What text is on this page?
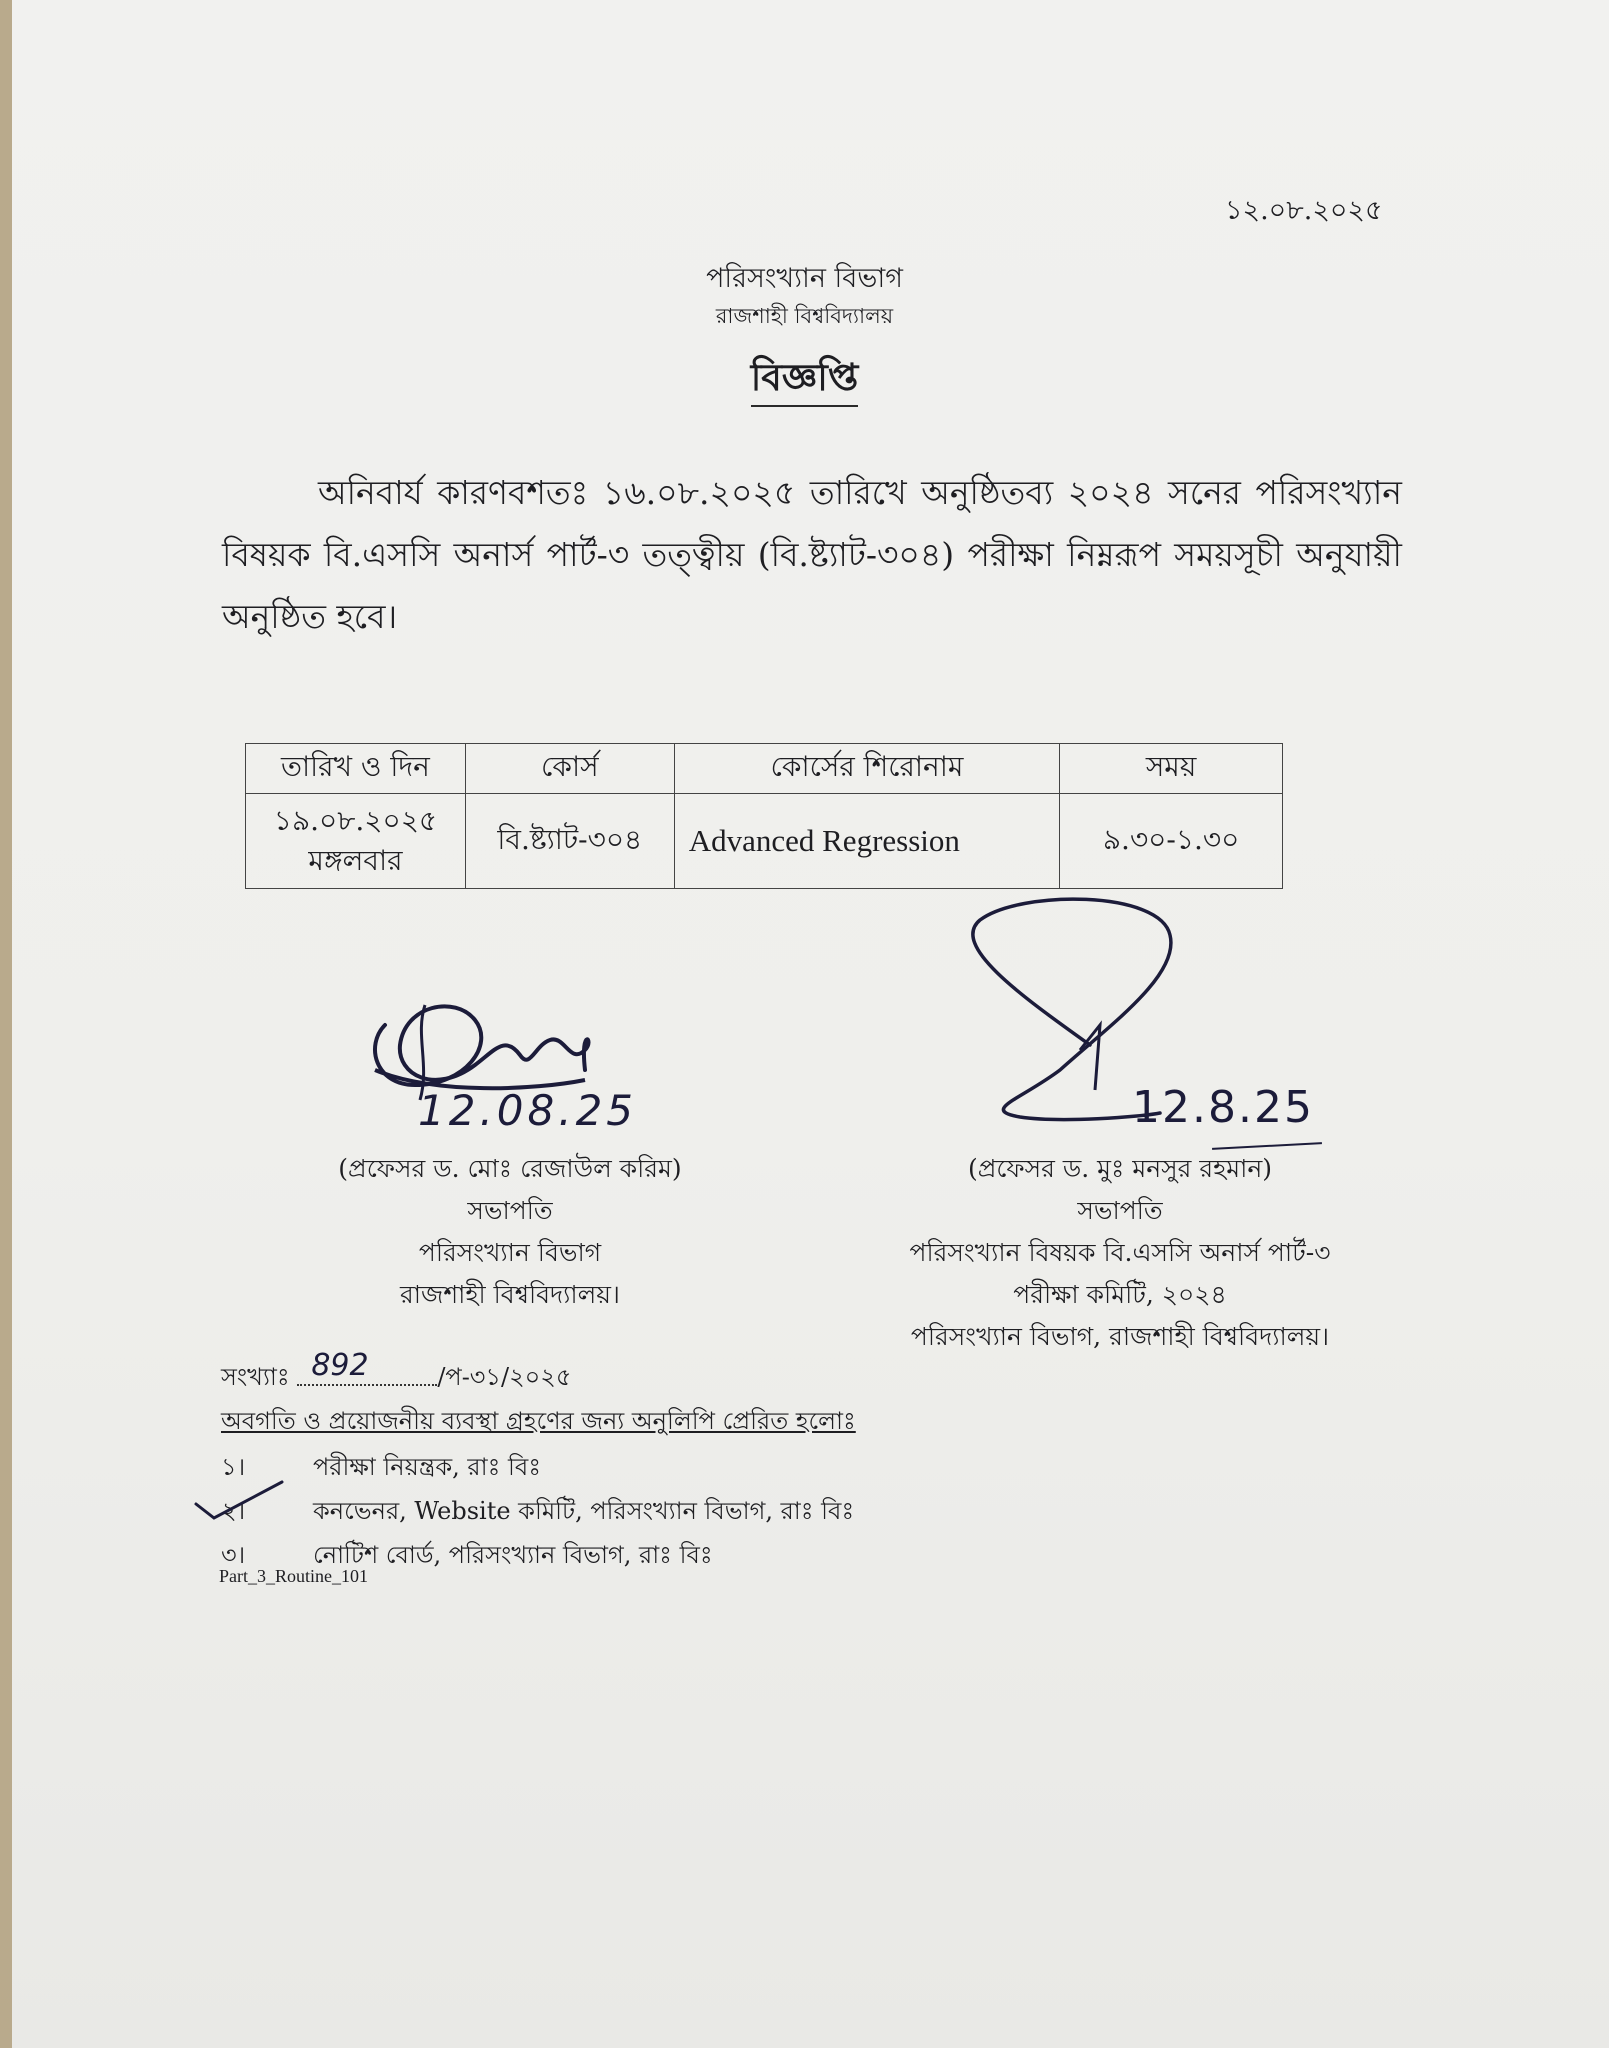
১২.০৮.২০২৫
পরিসংখ্যান বিভাগ
রাজশাহী বিশ্ববিদ্যালয়
বিজ্ঞপ্তি
অনিবার্য কারণবশতঃ ১৬.০৮.২০২৫ তারিখে অনুষ্ঠিতব্য ২০২৪ সনের পরিসংখ্যান বিষয়ক বি.এসসি অনার্স পার্ট-৩ তত্ত্বীয় (বি.ষ্ট্যাট-৩০৪) পরীক্ষা নিম্নরূপ সময়সূচী অনুযায়ী অনুষ্ঠিত হবে।
তারিখ ও দিন	কোর্স	কোর্সের শিরোনাম	সময়

১৯.০৮.২০২৫
মঙ্গলবার	বি.ষ্ট্যাট-৩০৪	Advanced Regression	৯.৩০-১.৩০
12.08.25	12.8.25
(প্রফেসর ড. মোঃ রেজাউল করিম)
সভাপতি
পরিসংখ্যান বিভাগ
রাজশাহী বিশ্ববিদ্যালয়।
(প্রফেসর ড. মুঃ মনসুর রহমান)
সভাপতি
পরিসংখ্যান বিষয়ক বি.এসসি অনার্স পার্ট-৩
পরীক্ষা কমিটি, ২০২৪
পরিসংখ্যান বিভাগ, রাজশাহী বিশ্ববিদ্যালয়।
সংখ্যাঃ 892	/প-৩১/২০২৫
অবগতি ও প্রয়োজনীয় ব্যবস্থা গ্রহণের জন্য অনুলিপি প্রেরিত হলোঃ
১।	পরীক্ষা নিয়ন্ত্রক, রাঃ বিঃ
২।	কনভেনর, Website কমিটি, পরিসংখ্যান বিভাগ, রাঃ বিঃ
৩।	নোটিশ বোর্ড, পরিসংখ্যান বিভাগ, রাঃ বিঃ
Part_3_Routine_101
